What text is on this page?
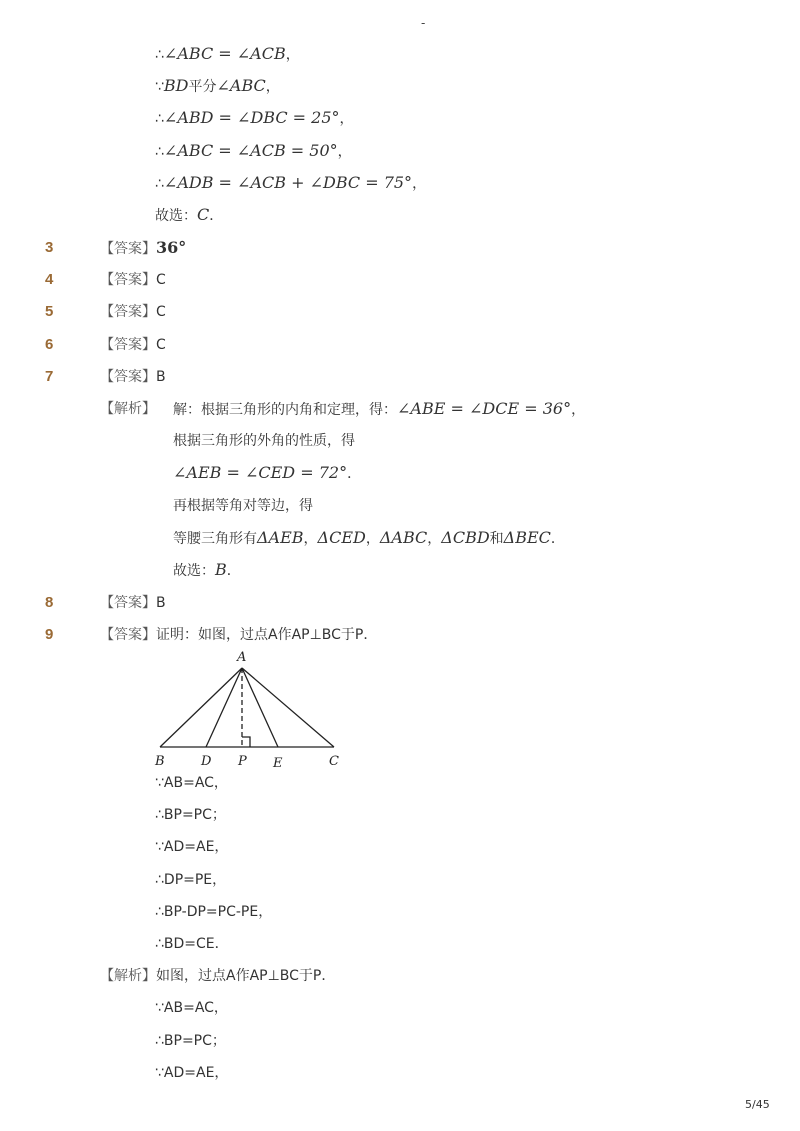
-
∴∠ABC = ∠ACB，
∵BD平分∠ABC，
∴∠ABD = ∠DBC = 25°，
∴∠ABC = ∠ACB = 50°，
∴∠ADB = ∠ACB + ∠DBC = 75°，
故选：C．
3	【答案】36°
4	【答案】C
5	【答案】C
6	【答案】C
7	【答案】B
【解析】 解：根据三角形的内角和定理，得：∠ABE = ∠DCE = 36°，
根据三角形的外角的性质，得
∠AEB = ∠CED = 72°．
再根据等角对等边，得
等腰三角形有ΔAEB，ΔCED，ΔABC，ΔCBD和ΔBEC．
故选：B．
8	【答案】B
9	【答案】证明：如图，过点A作AP⊥BC于P．
A
B	D P E	C
∵AB=AC，
∴BP=PC；
∵AD=AE，
∴DP=PE，
∴BP-DP=PC-PE，
∴BD=CE．
【解析】如图，过点A作AP⊥BC于P．
∵AB=AC，
∴BP=PC；
∵AD=AE，
5/45
